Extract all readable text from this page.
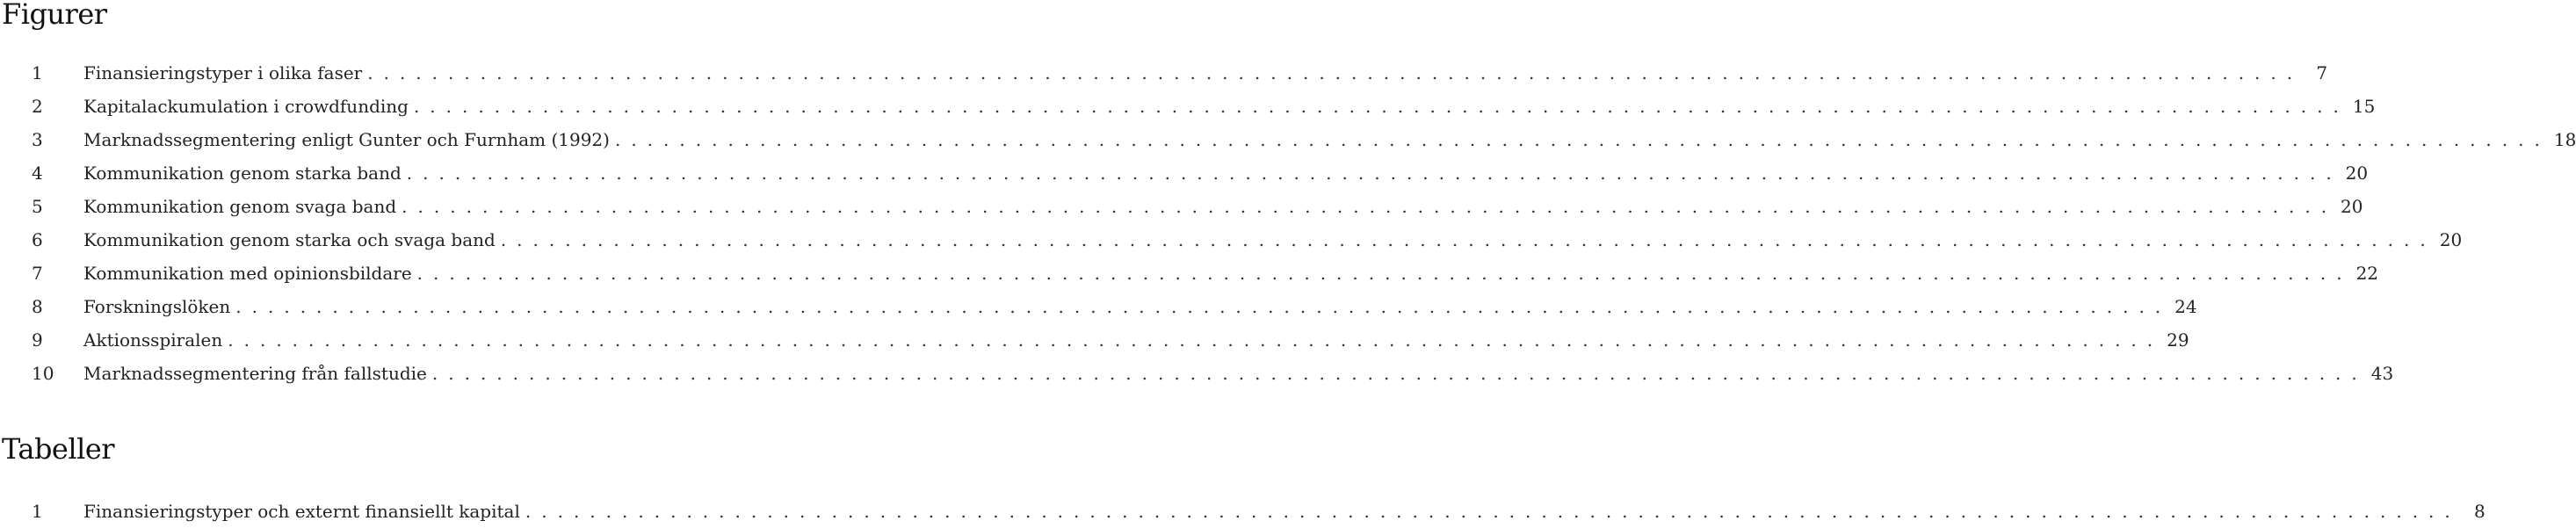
Figurer
1 Finansieringstyper i olika faser ........................................................................................................................ 7
2 Kapitalackumulation i crowdfunding ........................................................................................................................ 15
3 Marknadssegmentering enligt Gunter och Furnham (1992) ........................................................................................................................ 18
4 Kommunikation genom starka band ........................................................................................................................ 20
5 Kommunikation genom svaga band ........................................................................................................................ 20
6 Kommunikation genom starka och svaga band ........................................................................................................................ 20
7 Kommunikation med opinionsbildare ........................................................................................................................ 22
8 Forskningslöken ........................................................................................................................ 24
9 Aktionsspiralen ........................................................................................................................ 29
10 Marknadssegmentering från fallstudie ........................................................................................................................ 43
Tabeller
1 Finansieringstyper och externt finansiellt kapital ........................................................................................................................ 8
